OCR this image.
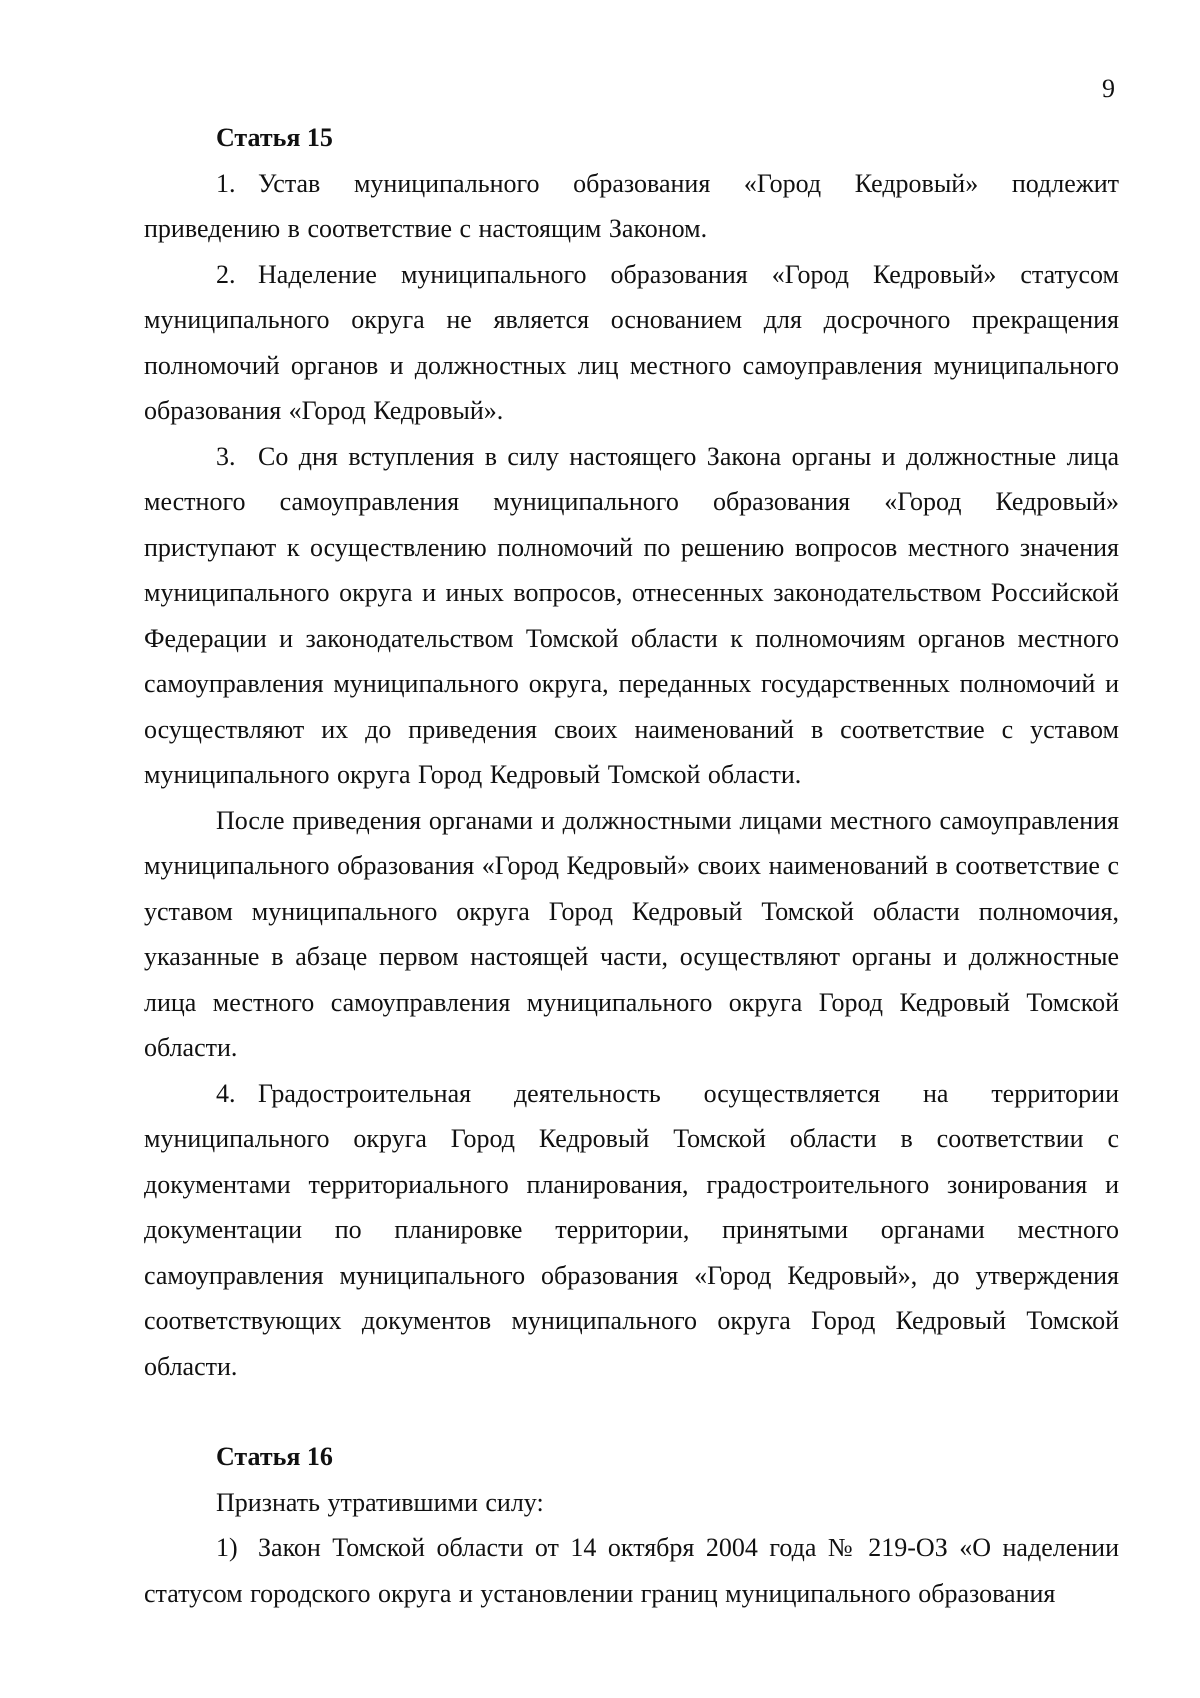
9

Статья 15

1. Устав муниципального образования «Город Кедровый» подлежит приведению в соответствие с настоящим Законом.

2. Наделение муниципального образования «Город Кедровый» статусом муниципального округа не является основанием для досрочного прекращения полномочий органов и должностных лиц местного самоуправления муниципального образования «Город Кедровый».

3. Со дня вступления в силу настоящего Закона органы и должностные лица местного самоуправления муниципального образования «Город Кедровый» приступают к осуществлению полномочий по решению вопросов местного значения муниципального округа и иных вопросов, отнесенных законодательством Российской Федерации и законодательством Томской области к полномочиям органов местного самоуправления муниципального округа, переданных государственных полномочий и осуществляют их до приведения своих наименований в соответствие с уставом муниципального округа Город Кедровый Томской области.

После приведения органами и должностными лицами местного самоуправления муниципального образования «Город Кедровый» своих наименований в соответствие с уставом муниципального округа Город Кедровый Томской области полномочия, указанные в абзаце первом настоящей части, осуществляют органы и должностные лица местного самоуправления муниципального округа Город Кедровый Томской области.

4. Градостроительная деятельность осуществляется на территории муниципального округа Город Кедровый Томской области в соответствии с документами территориального планирования, градостроительного зонирования и документации по планировке территории, принятыми органами местного самоуправления муниципального образования «Город Кедровый», до утверждения соответствующих документов муниципального округа Город Кедровый Томской области.

Статья 16

Признать утратившими силу:

1) Закон Томской области от 14 октября 2004 года № 219-ОЗ «О наделении статусом городского округа и установлении границ муниципального образования
